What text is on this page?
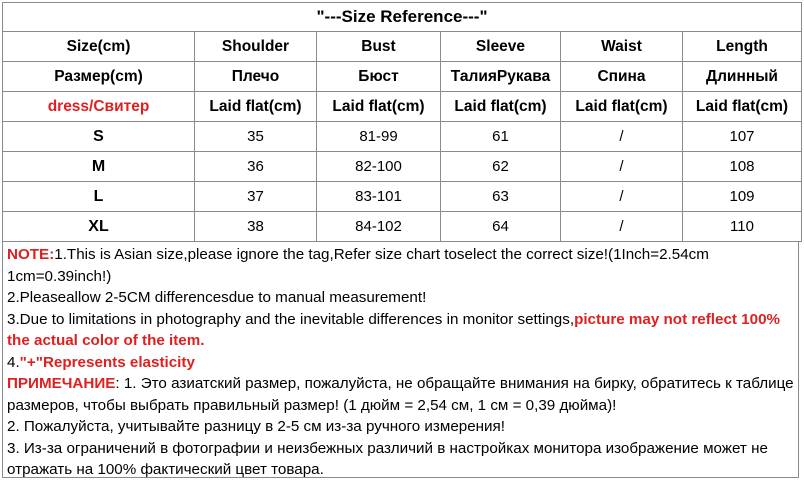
"---Size Reference---"					
Size(cm)	Shoulder	Bust	Sleeve	Waist	Length
Размер(cm)	Плечо	Бюст	ТалияРукава	Спина	Длинный
dress/Свитер	Laid flat(cm)	Laid flat(cm)	Laid flat(cm)	Laid flat(cm)	Laid flat(cm)
S	35	81-99	61	/	107
M	36	82-100	62	/	108
L	37	83-101	63	/	109
XL	38	84-102	64	/	110

NOTE:1.This is Asian size,please ignore the tag,Refer size chart toselect the correct size!(1Inch=2.54cm 1cm=0.39inch!)

2.Pleaseallow 2-5CM differencesdue to manual measurement!

3.Due to limitations in photography and the inevitable differences in monitor settings,picture may not reflect 100% the actual color of the item.

4."+"Represents elasticity

ПРИМЕЧАНИЕ: 1. Это азиатский размер, пожалуйста, не обращайте внимания на бирку, обратитесь к таблице размеров, чтобы выбрать правильный размер! (1 дюйм = 2,54 см, 1 см = 0,39 дюйма)!

2. Пожалуйста, учитывайте разницу в 2-5 см из-за ручного измерения!

3. Из-за ограничений в фотографии и неизбежных различий в настройках монитора изображение может не отражать на 100% фактический цвет товара.
